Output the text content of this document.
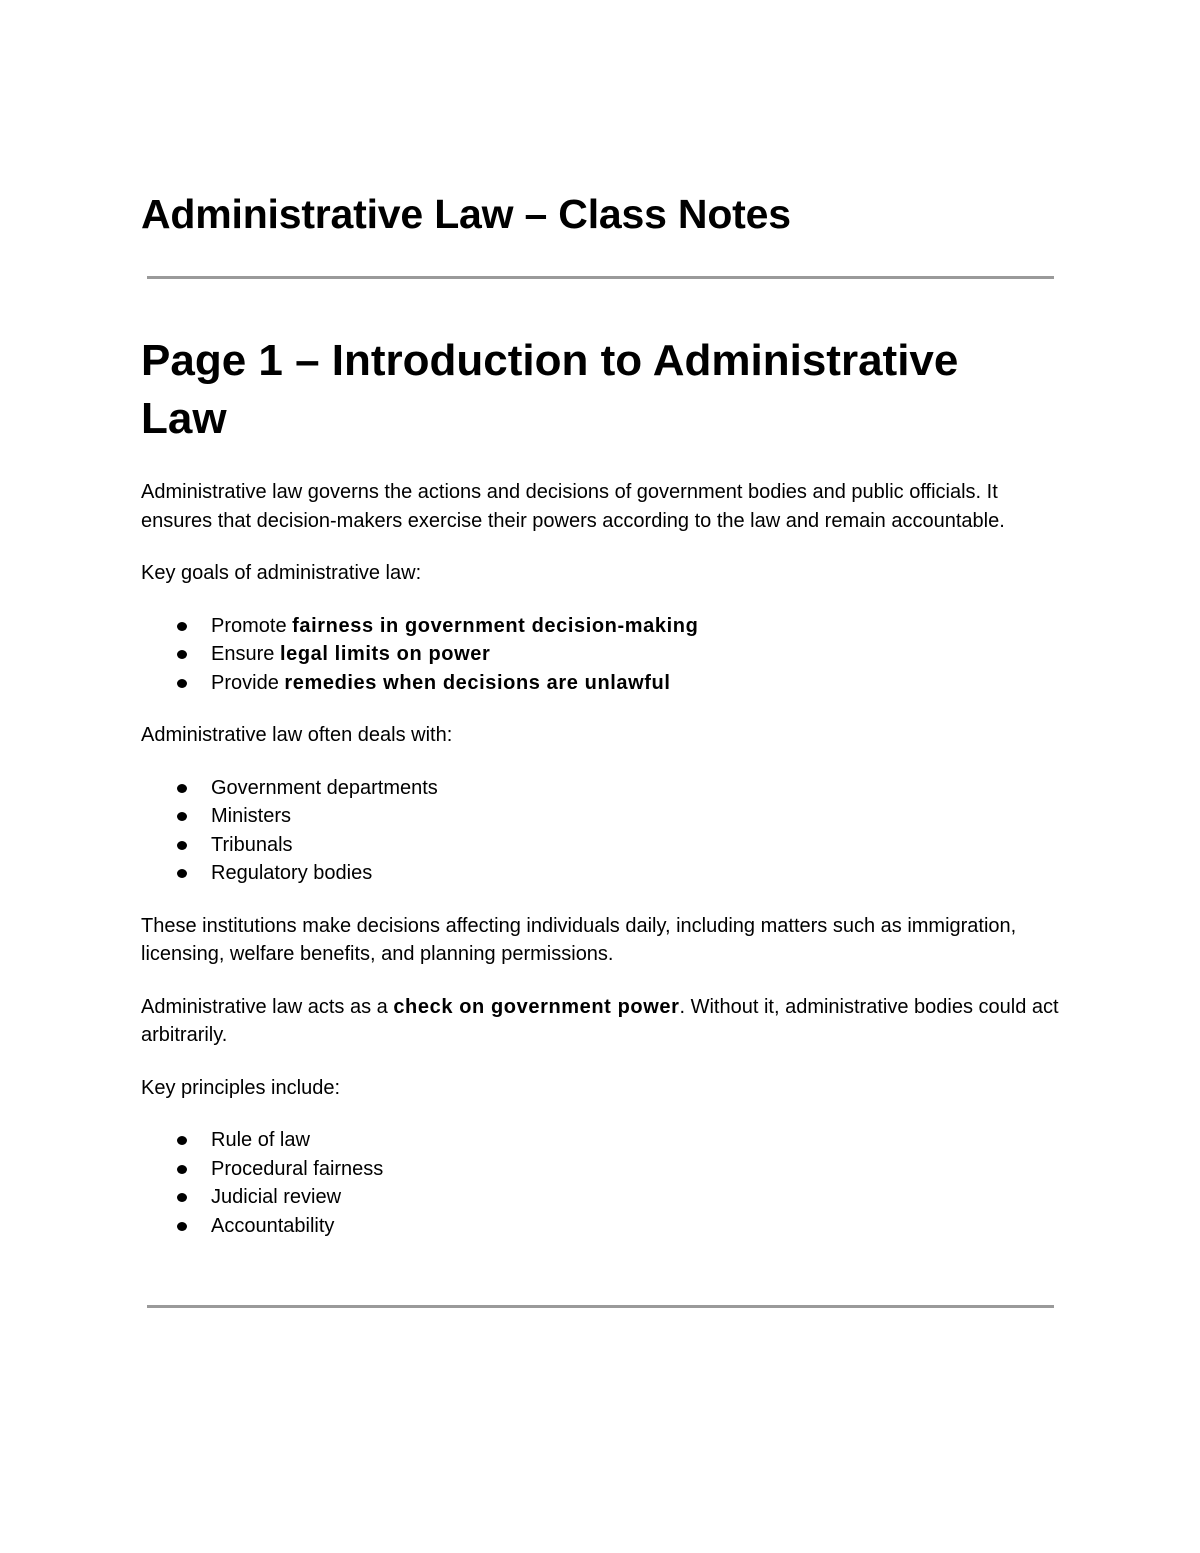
Administrative Law – Class Notes
Page 1 – Introduction to Administrative Law

Administrative law governs the actions and decisions of government bodies and public officials. It ensures that decision-makers exercise their powers according to the law and remain accountable.

Key goals of administrative law:

Promote fairness in government decision-making
Ensure legal limits on power
Provide remedies when decisions are unlawful

Administrative law often deals with:

Government departments
Ministers
Tribunals
Regulatory bodies

These institutions make decisions affecting individuals daily, including matters such as immigration, licensing, welfare benefits, and planning permissions.

Administrative law acts as a check on government power. Without it, administrative bodies could act arbitrarily.

Key principles include:

Rule of law
Procedural fairness
Judicial review
Accountability
